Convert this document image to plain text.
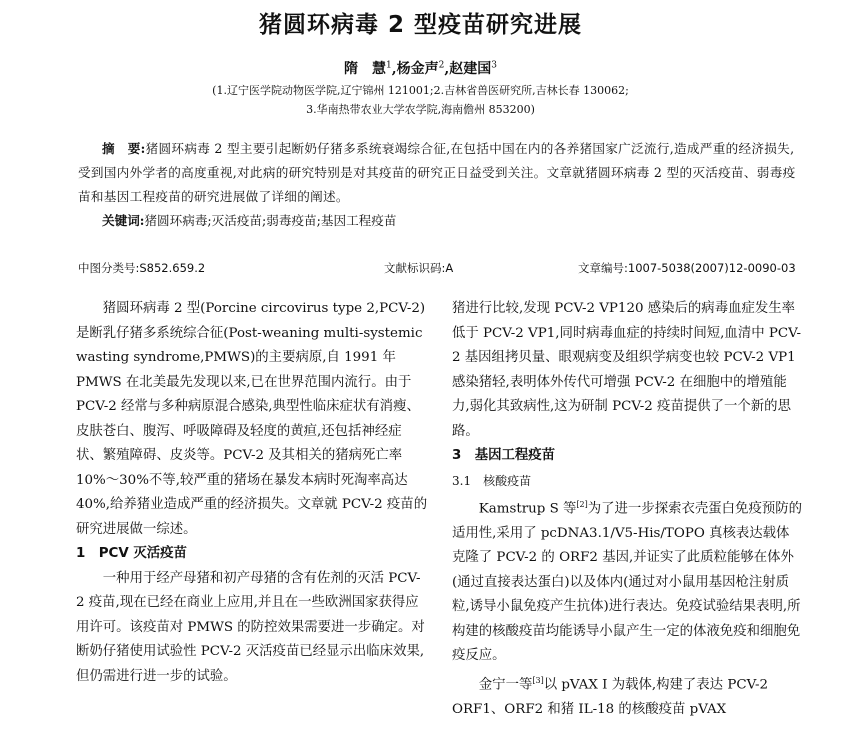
猪圆环病毒 2 型疫苗研究进展
隋　慧$^1$,杨金声$^2$,赵建国$^3$
(1.辽宁医学院动物医学院,辽宁锦州 121001;2.吉林省兽医研究所,吉林长春 130062;
3.华南热带农业大学农学院,海南儋州 853200)
摘　要:猪圆环病毒 2 型主要引起断奶仔猪多系统衰竭综合征,在包括中国在内的各养猪国家广泛流行,造成严重的经济损失,受到国内外学者的高度重视,对此病的研究特别是对其疫苗的研究正日益受到关注。文章就猪圆环病毒 2 型的灭活疫苗、弱毒疫苗和基因工程疫苗的研究进展做了详细的阐述。
关键词:猪圆环病毒;灭活疫苗;弱毒疫苗;基因工程疫苗
中图分类号:S852.659.2	文献标识码:A	文章编号:1007-5038(2007)12-0090-03

猪圆环病毒 2 型(Porcine circovirus type 2,PCV-2)是断乳仔猪多系统综合征(Post-weaning multi-systemic wasting syndrome,PMWS)的主要病原,自 1991 年 PMWS 在北美最先发现以来,已在世界范围内流行。由于 PCV-2 经常与多种病原混合感染,典型性临床症状有消瘦、皮肤苍白、腹泻、呼吸障碍及轻度的黄疸,还包括神经症状、繁殖障碍、皮炎等。PCV-2 及其相关的猪病死亡率 10%～30%不等,较严重的猪场在暴发本病时死淘率高达 40%,给养猪业造成严重的经济损失。文章就 PCV-2 疫苗的研究进展做一综述。

1　PCV 灭活疫苗

一种用于经产母猪和初产母猪的含有佐剂的灭活 PCV-2 疫苗,现在已经在商业上应用,并且在一些欧洲国家获得应用许可。该疫苗对 PMWS 的防控效果需要进一步确定。对断奶仔猪使用试验性 PCV-2 灭活疫苗已经显示出临床效果,但仍需进行进一步的试验。

猪进行比较,发现 PCV-2 VP120 感染后的病毒血症发生率低于 PCV-2 VP1,同时病毒血症的持续时间短,血清中 PCV-2 基因组拷贝量、眼观病变及组织学病变也较 PCV-2 VP1 感染猪轻,表明体外传代可增强 PCV-2 在细胞中的增殖能力,弱化其致病性,这为研制 PCV-2 疫苗提供了一个新的思路。

3　基因工程疫苗

3.1　核酸疫苗

Kamstrup S 等[2]为了进一步探索衣壳蛋白免疫预防的适用性,采用了 pcDNA3.1/V5-His/TOPO 真核表达载体克隆了 PCV-2 的 ORF2 基因,并证实了此质粒能够在体外(通过直接表达蛋白)以及体内(通过对小鼠用基因枪注射质粒,诱导小鼠免疫产生抗体)进行表达。免疫试验结果表明,所构建的核酸疫苗均能诱导小鼠产生一定的体液免疫和细胞免疫反应。

金宁一等[3]以 pVAX Ⅰ 为载体,构建了表达 PCV-2 ORF1、ORF2 和猪 IL-18 的核酸疫苗 pVAX
